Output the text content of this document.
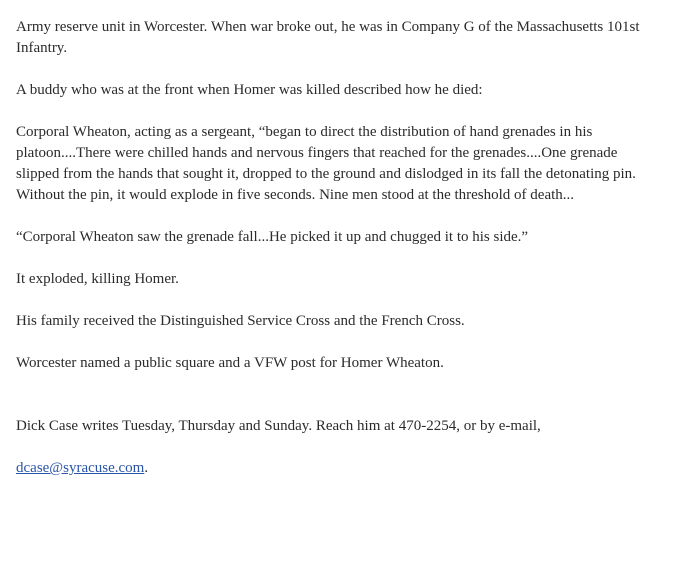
Army reserve unit in Worcester. When war broke out, he was in Company G of the Massachusetts 101st
Infantry.

A buddy who was at the front when Homer was killed described how he died:

Corporal Wheaton, acting as a sergeant, “began to direct the distribution of hand grenades in his
platoon....There were chilled hands and nervous fingers that reached for the grenades....One grenade
slipped from the hands that sought it, dropped to the ground and dislodged in its fall the detonating pin.
Without the pin, it would explode in five seconds. Nine men stood at the threshold of death...

“Corporal Wheaton saw the grenade fall...He picked it up and chugged it to his side.”

It exploded, killing Homer.

His family received the Distinguished Service Cross and the French Cross.

Worcester named a public square and a VFW post for Homer Wheaton.

Dick Case writes Tuesday, Thursday and Sunday. Reach him at 470-2254, or by e-mail,

dcase@syracuse.com.
